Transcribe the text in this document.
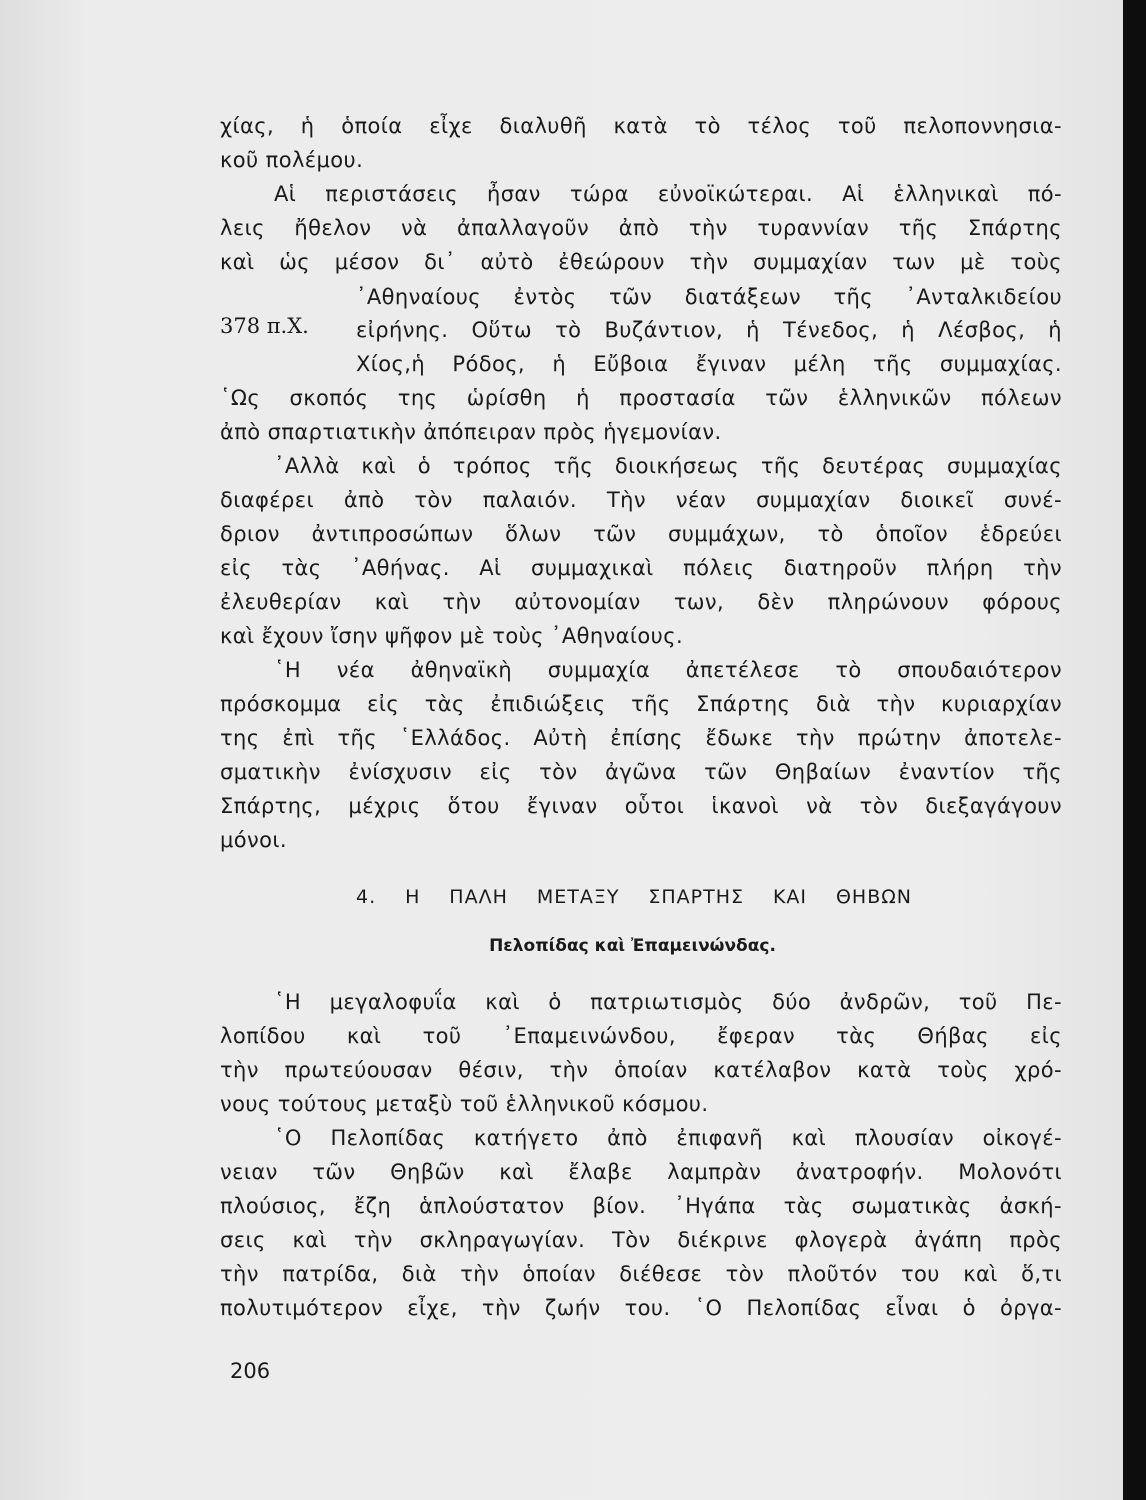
χίας, ἡ ὁποία εἶχε διαλυθῆ κατὰ τὸ τέλος τοῦ πελοποννησια-
κοῦ πολέμου.
Αἱ περιστάσεις ἦσαν τώρα εὐνοϊκώτεραι. Αἱ ἑλληνικαὶ πό-
λεις ἤθελον νὰ ἀπαλλαγοῦν ἀπὸ τὴν τυραννίαν τῆς Σπάρτης
καὶ ὡς μέσον δι᾽ αὐτὸ ἐθεώρουν τὴν συμμαχίαν των μὲ τοὺς
᾽Αθηναίους ἐντὸς τῶν διατάξεων τῆς ᾽Ανταλκιδείου
378 π.Χ. εἰρήνης. Οὕτω τὸ Βυζάντιον, ἡ Τένεδος, ἡ Λέσβος, ἡ
Χίος,ἡ Ρόδος, ἡ Εὔβοια ἔγιναν μέλη τῆς συμμαχίας.
῾Ως σκοπός της ὡρίσθη ἡ προστασία τῶν ἑλληνικῶν πόλεων
ἀπὸ σπαρτιατικὴν ἀπόπειραν πρὸς ἡγεμονίαν.
᾽Αλλὰ καὶ ὁ τρόπος τῆς διοικήσεως τῆς δευτέρας συμμαχίας
διαφέρει ἀπὸ τὸν παλαιόν. Τὴν νέαν συμμαχίαν διοικεῖ συνέ-
δριον ἀντιπροσώπων ὅλων τῶν συμμάχων, τὸ ὁποῖον ἑδρεύει
εἰς τὰς ᾽Αθήνας. Αἱ συμμαχικαὶ πόλεις διατηροῦν πλήρη τὴν
ἐλευθερίαν καὶ τὴν αὐτονομίαν των, δὲν πληρώνουν φόρους
καὶ ἔχουν ἴσην ψῆφον μὲ τοὺς ᾽Αθηναίους.
῾Η νέα ἀθηναϊκὴ συμμαχία ἀπετέλεσε τὸ σπουδαιότερον
πρόσκομμα εἰς τὰς ἐπιδιώξεις τῆς Σπάρτης διὰ τὴν κυριαρχίαν
της ἐπὶ τῆς ῾Ελλάδος. Αὐτὴ ἐπίσης ἔδωκε τὴν πρώτην ἀποτελε-
σματικὴν ἐνίσχυσιν εἰς τὸν ἀγῶνα τῶν Θηβαίων ἐναντίον τῆς
Σπάρτης, μέχρις ὅτου ἔγιναν οὗτοι ἱκανοὶ νὰ τὸν διεξαγάγουν
μόνοι.
4. Η ΠΑΛΗ ΜΕΤΑΞΥ ΣΠΑΡΤΗΣ ΚΑΙ ΘΗΒΩΝ
Πελοπίδας καὶ Ἐπαμεινώνδας.
῾Η μεγαλοφυΐα καὶ ὁ πατριωτισμὸς δύο ἀνδρῶν, τοῦ Πε-
λοπίδου καὶ τοῦ ᾽Επαμεινώνδου, ἔφεραν τὰς Θήβας εἰς
τὴν πρωτεύουσαν θέσιν, τὴν ὁποίαν κατέλαβον κατὰ τοὺς χρό-
νους τούτους μεταξὺ τοῦ ἑλληνικοῦ κόσμου.
῾Ο Πελοπίδας κατήγετο ἀπὸ ἐπιφανῆ καὶ πλουσίαν οἰκογέ-
νειαν τῶν Θηβῶν καὶ ἔλαβε λαμπρὰν ἀνατροφήν. Μολονότι
πλούσιος, ἔζη ἁπλούστατον βίον. ᾽Ηγάπα τὰς σωματικὰς ἀσκή-
σεις καὶ τὴν σκληραγωγίαν. Τὸν διέκρινε φλογερὰ ἀγάπη πρὸς
τὴν πατρίδα, διὰ τὴν ὁποίαν διέθεσε τὸν πλοῦτόν του καὶ ὅ,τι
πολυτιμότερον εἶχε, τὴν ζωήν του. ῾Ο Πελοπίδας εἶναι ὁ ὀργα-
206
